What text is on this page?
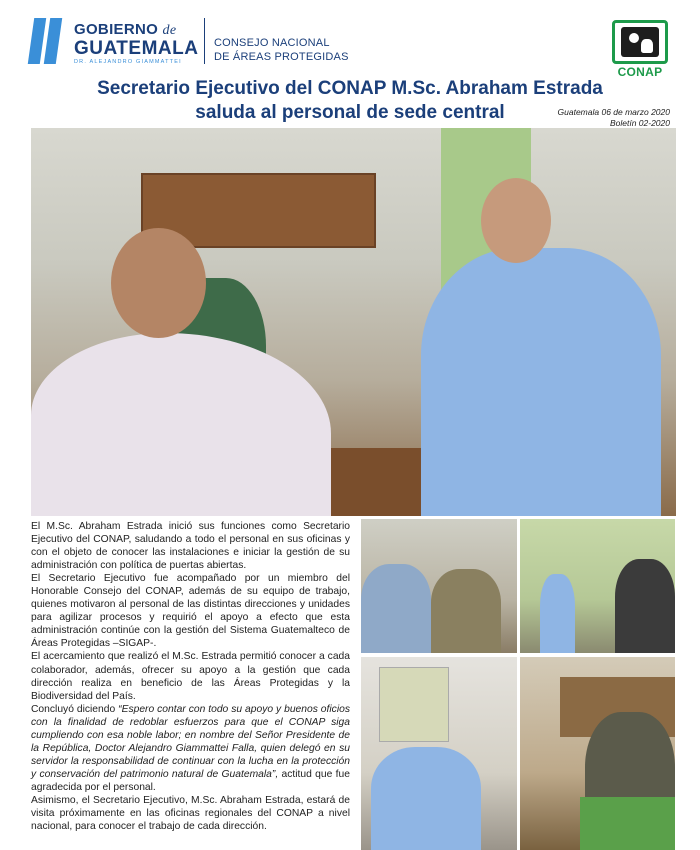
GOBIERNO de
GUATEMALA
DR. ALEJANDRO GIAMMATTEI
CONSEJO NACIONAL
DE ÁREAS PROTEGIDAS
CONAP
Secretario Ejecutivo del CONAP M.Sc. Abraham Estrada
saluda al personal de sede central	Guatemala 06 de marzo 2020
Boletín 02-2020

El M.Sc. Abraham Estrada inició sus funciones como Secretario Ejecutivo del CONAP, saludando a todo el personal en sus oficinas y con el objeto de conocer las instalaciones e iniciar la gestión de su administración con política de puertas abiertas.

El Secretario Ejecutivo fue acompañado por un miembro del Honorable Consejo del CONAP, además de su equipo de trabajo, quienes motivaron al personal de las distintas direcciones y unidades para agilizar procesos y requirió el apoyo a efecto que esta administración continúe con la gestión del Sistema Guatemalteco de Áreas Protegidas –SIGAP-.

El acercamiento que realizó el M.Sc. Estrada permitió conocer a cada colaborador, además, ofrecer su apoyo a la gestión que cada dirección realiza en beneficio de las Áreas Protegidas y la Biodiversidad del País.

Concluyó diciendo “Espero contar con todo su apoyo y buenos oficios con la finalidad de redoblar esfuerzos para que el CONAP siga cumpliendo con esa noble labor; en nombre del Señor Presidente de la República, Doctor Alejandro Giammattei Falla, quien delegó en su servidor la responsabilidad de continuar con la lucha en la protección y conservación del patrimonio natural de Guatemala”, actitud que fue agradecida por el personal.

Asimismo, el Secretario Ejecutivo, M.Sc. Abraham Estrada, estará de visita próximamente en las oficinas regionales del CONAP a nivel nacional, para conocer el trabajo de cada dirección.
